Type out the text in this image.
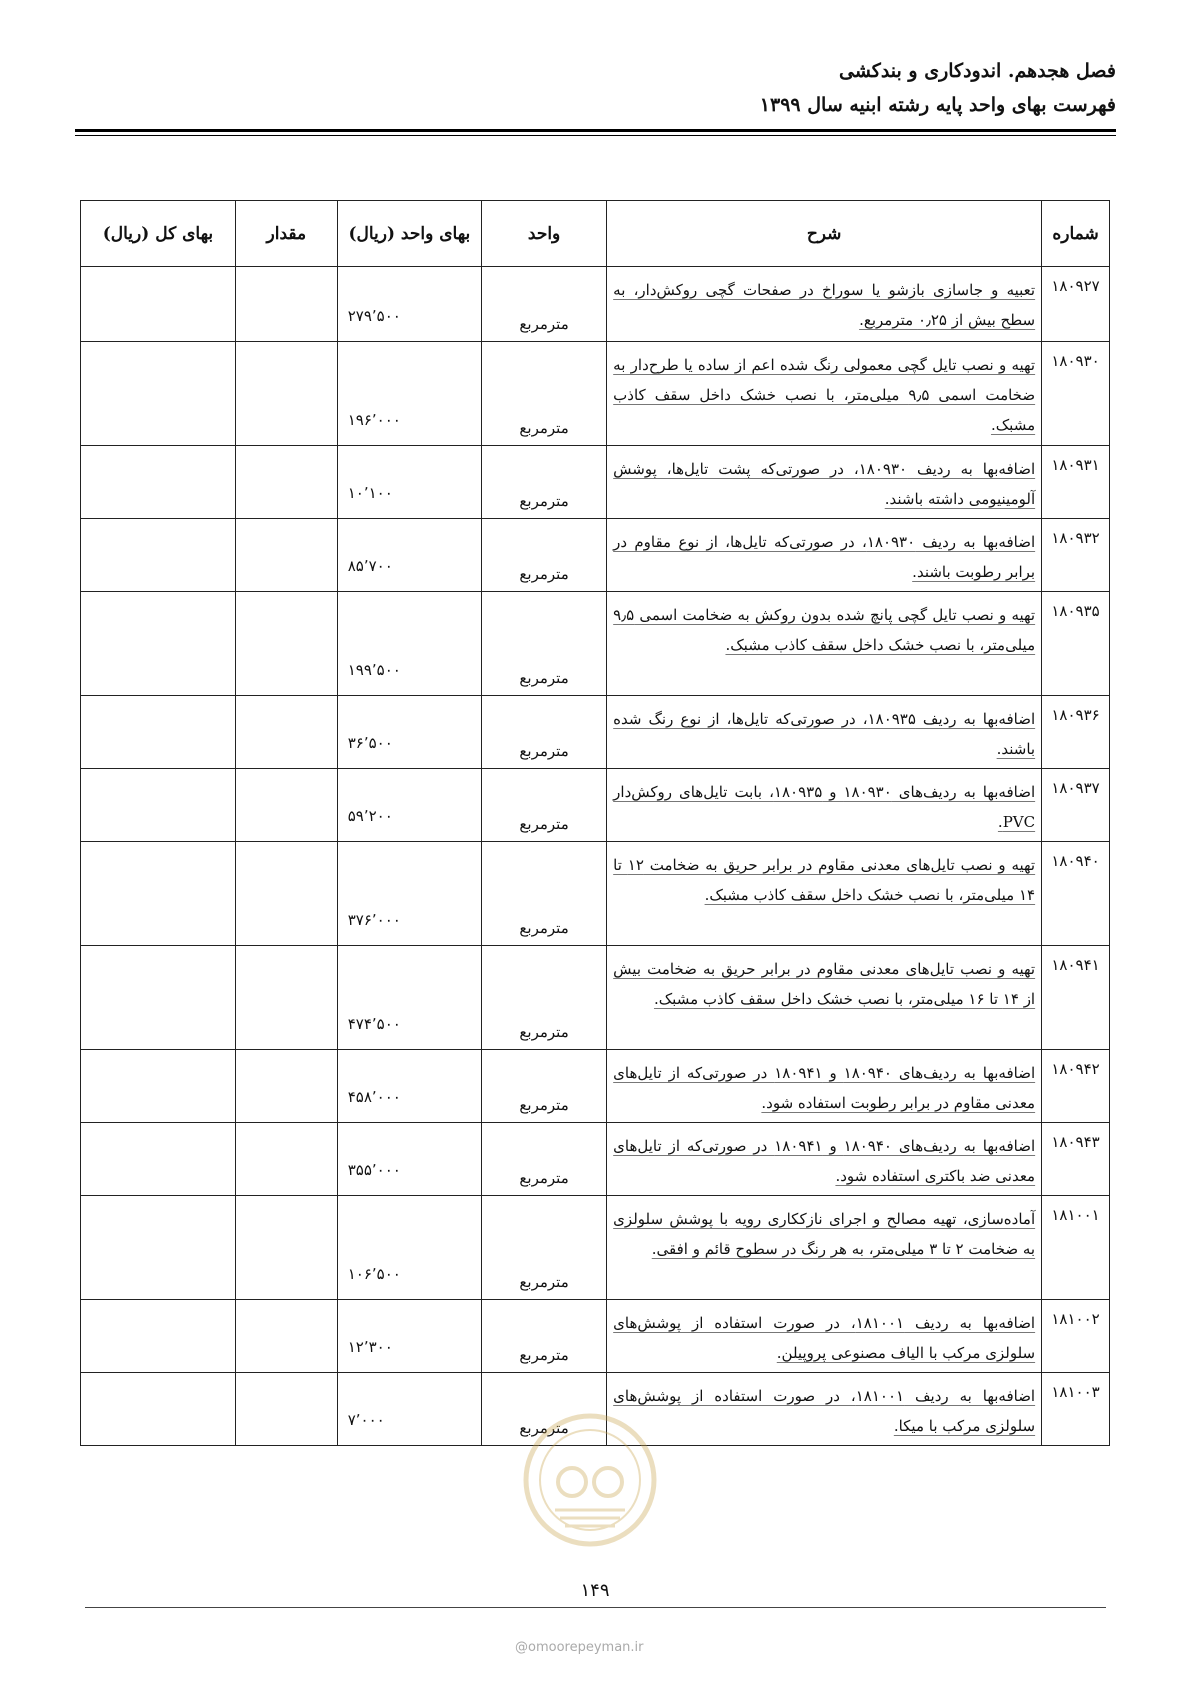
فصل هجدهم. اندودکاری و بندکشی
فهرست بهای واحد پایه رشته ابنیه سال ۱۳۹۹
شماره	شرح	واحد	بهای واحد (ریال)	مقدار	بهای کل (ریال)
۱۸۰۹۲۷	تعبیه و جاسازی بازشو یا سوراخ در صفحات گچی روکش‌دار، به سطح بیش از ۰٫۲۵ مترمربع.	مترمربع	۲۷۹٬۵۰۰		
۱۸۰۹۳۰	تهیه و نصب تایل گچی معمولی رنگ شده اعم از ساده یا طرح‌دار به ضخامت اسمی ۹٫۵ میلی‌متر، با نصب خشک داخل سقف کاذب مشبک.	مترمربع	۱۹۶٬۰۰۰		
۱۸۰۹۳۱	اضافه‌بها به ردیف ۱۸۰۹۳۰، در صورتی‌که پشت تایل‌ها، پوشش آلومینیومی داشته باشند.	مترمربع	۱۰٬۱۰۰		
۱۸۰۹۳۲	اضافه‌بها به ردیف ۱۸۰۹۳۰، در صورتی‌که تایل‌ها، از نوع مقاوم در برابر رطوبت باشند.	مترمربع	۸۵٬۷۰۰		
۱۸۰۹۳۵	تهیه و نصب تایل گچی پانچ شده بدون روکش به ضخامت اسمی ۹٫۵ میلی‌متر، با نصب خشک داخل سقف کاذب مشبک.	مترمربع	۱۹۹٬۵۰۰		
۱۸۰۹۳۶	اضافه‌بها به ردیف ۱۸۰۹۳۵، در صورتی‌که تایل‌ها، از نوع رنگ شده باشند.	مترمربع	۳۶٬۵۰۰		
۱۸۰۹۳۷	اضافه‌بها به ردیف‌های ۱۸۰۹۳۰ و ۱۸۰۹۳۵، بابت تایل‌های روکش‌دار PVC.	مترمربع	۵۹٬۲۰۰		
۱۸۰۹۴۰	تهیه و نصب تایل‌های معدنی مقاوم در برابر حریق به ضخامت ۱۲ تا ۱۴ میلی‌متر، با نصب خشک داخل سقف کاذب مشبک.	مترمربع	۳۷۶٬۰۰۰		
۱۸۰۹۴۱	تهیه و نصب تایل‌های معدنی مقاوم در برابر حریق به ضخامت بیش از ۱۴ تا ۱۶ میلی‌متر، با نصب خشک داخل سقف کاذب مشبک.	مترمربع	۴۷۴٬۵۰۰		
۱۸۰۹۴۲	اضافه‌بها به ردیف‌های ۱۸۰۹۴۰ و ۱۸۰۹۴۱ در صورتی‌که از تایل‌های معدنی مقاوم در برابر رطوبت استفاده شود.	مترمربع	۴۵۸٬۰۰۰		
۱۸۰۹۴۳	اضافه‌بها به ردیف‌های ۱۸۰۹۴۰ و ۱۸۰۹۴۱ در صورتی‌که از تایل‌های معدنی ضد باکتری استفاده شود.	مترمربع	۳۵۵٬۰۰۰		
۱۸۱۰۰۱	آماده‌سازی، تهیه مصالح و اجرای نازککاری رویه با پوشش سلولزی به ضخامت ۲ تا ۳ میلی‌متر، به هر رنگ در سطوح قائم و افقی.	مترمربع	۱۰۶٬۵۰۰		
۱۸۱۰۰۲	اضافه‌بها به ردیف ۱۸۱۰۰۱، در صورت استفاده از پوشش‌های سلولزی مرکب با الیاف مصنوعی پروپیلن.	مترمربع	۱۲٬۳۰۰		
۱۸۱۰۰۳	اضافه‌بها به ردیف ۱۸۱۰۰۱، در صورت استفاده از پوشش‌های سلولزی مرکب با میکا.	مترمربع	۷٬۰۰۰		
۱۴۹
@omoorepeyman.ir
